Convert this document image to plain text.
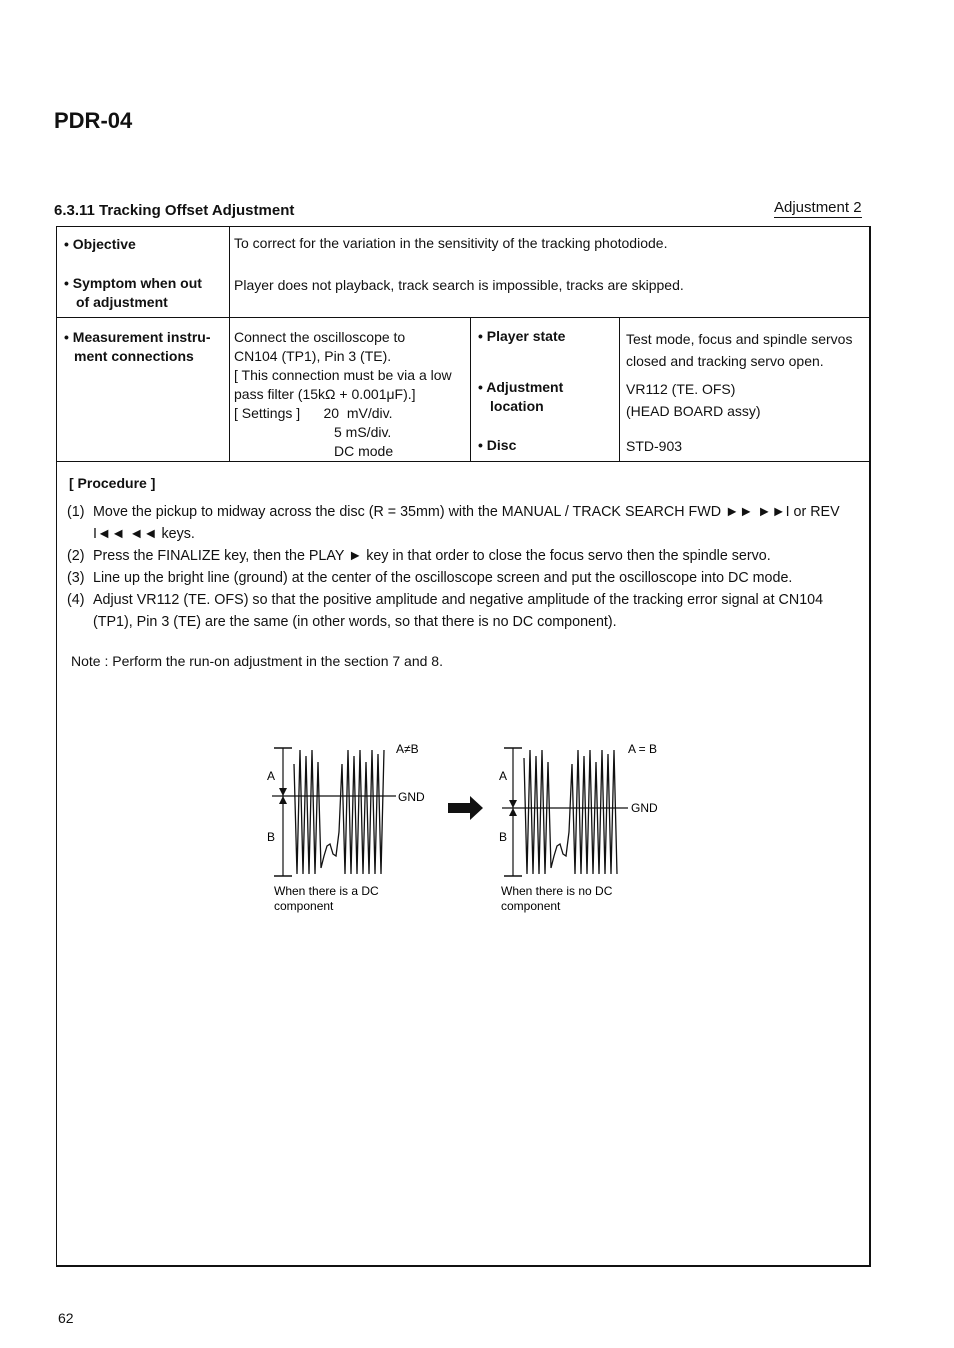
PDR-04
6.3.11 Tracking Offset Adjustment	Adjustment 2
• Objective	To correct for the variation in the sensitivity of the tracking photodiode.
• Symptom when out
of adjustment
Player does not playback, track search is impossible, tracks are skipped.
• Measurement instru-
ment connections
Connect the oscilloscope to
CN104 (TP1), Pin 3 (TE).
[ This connection must be via a low
pass filter (15kΩ + 0.001μF).]
[ Settings ]      20  mV/div.
5 mS/div.
DC mode
• Player state
• Adjustment
location
• Disc
Test mode, focus and spindle servos
closed and tracking servo open.
VR112 (TE. OFS)
(HEAD BOARD assy)
STD-903
[ Procedure ]
(1) Move the pickup to midway across the disc (R = 35mm) with the MANUAL / TRACK SEARCH FWD ►► ►►I or REV I◄◄ ◄◄ keys.
(2) Press the FINALIZE key, then the PLAY ► key in that order to close the focus servo then the spindle servo.
(3) Line up the bright line (ground) at the center of the oscilloscope screen and put the oscilloscope into DC mode.
(4) Adjust VR112 (TE. OFS) so that the positive amplitude and negative amplitude of the tracking error signal at CN104 (TP1), Pin 3 (TE) are the same (in other words, so that there is no DC component).
Note : Perform the run-on adjustment in the section 7 and 8.
A
B
GND
A≠B
When there is a DC
component
A
B
GND
A = B
When there is no DC
component
62
